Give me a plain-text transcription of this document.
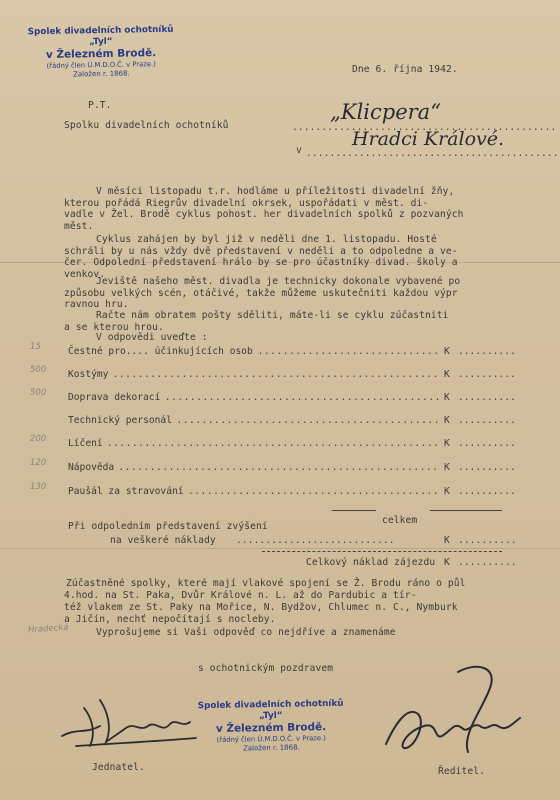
Spolek divadelních ochotníků „Tyl“
v Železném Brodě.
(řádný člen Ú.M.D.O.Č. v Praze.)
Založen r. 1868.	Dne 6. října 1942.
P.T.
Spolku divadelních ochotníků	.............................................
„Klicpera“
v ...........................................
Hradci Králové.
V měsíci listopadu t.r. hodláme u příležitosti divadelní žňy,
kterou pořádá Riegrův divadelní okrsek, uspořádati v měst. di-
vadle v Žel. Brodě cyklus pohost. her divadelních spolků z pozvaných
měst.
Cyklus zahájen by byl již v neděli dne 1. listopadu. Hosté
schráli by u nás vždy dvě představení v neděli a to odpoledne a ve-
čer. Odpolední představení hrálo by se pro účastníky divad. školy a
venkov.
Jeviště našeho měst. divadla je technicky dokonale vybavené po
způsobu velkých scén, otáčivé, takže můžeme uskutečniti každou výpr
ravnou hru.
Račte nám obratem pošty sděliti, máte-li se cyklu zúčastniti
a se kterou hrou.
V odpovědi uveďte :
Čestné pro.... účinkujících osob ............................. K ..........
15
Kostýmy .................................................... K ..........
500
Doprava dekorací ............................................ K ..........
500
Technický personál .......................................... K ..........
Líčení ..................................................... K ..........
200
Nápověda ................................................... K ..........
120
Paušál za stravování ........................................ K ..........
130
celkem
Při odpoledním představení zvýšení
na veškeré náklady ...........................	K ..........
Celkový náklad zájezdu K ..........
Zúčastněné spolky, které mají vlakové spojení se Ž. Brodu ráno o půl
4.hod. na St. Paka, Dvůr Králové n. L. až do Pardubic a tír-
též vlakem ze St. Paky na Mořice, N. Bydžov, Chlumec n. C., Nymburk
a Jičín, nechť nepočítají s nocleby.
Vyprošujeme si Vaši odpověď co nejdříve a znamenáme
Hradecká
s ochotnickým pozdravem
Spolek divadelních ochotníků „Tyl“
v Železném Brodě.
(řádný člen Ú.M.D.O.Č. v Praze.)
Založen r. 1868.
Jednatel.	Ředitel.
